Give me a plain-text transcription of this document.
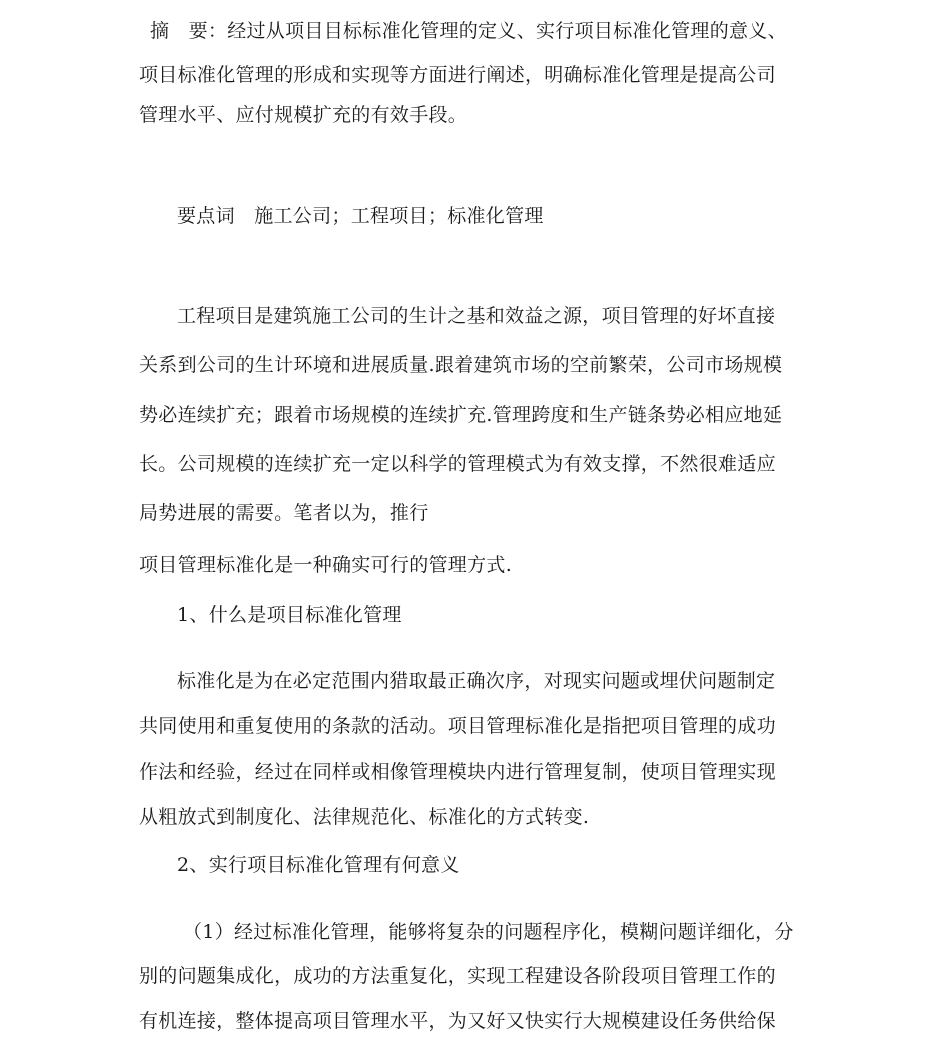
摘　要：经过从项目目标标准化管理的定义、实行项目标准化管理的意义、
项目标准化管理的形成和实现等方面进行阐述，明确标准化管理是提高公司
管理水平、应付规模扩充的有效手段。
要点词　施工公司；工程项目；标准化管理
工程项目是建筑施工公司的生计之基和效益之源，项目管理的好坏直接
关系到公司的生计环境和进展质量.跟着建筑市场的空前繁荣，公司市场规模
势必连续扩充；跟着市场规模的连续扩充.管理跨度和生产链条势必相应地延
长。公司规模的连续扩充一定以科学的管理模式为有效支撑，不然很难适应
局势进展的需要。笔者以为，推行
项目管理标准化是一种确实可行的管理方式.
1、什么是项目标准化管理
标准化是为在必定范围内猎取最正确次序，对现实问题或埋伏问题制定
共同使用和重复使用的条款的活动。项目管理标准化是指把项目管理的成功
作法和经验，经过在同样或相像管理模块内进行管理复制，使项目管理实现
从粗放式到制度化、法律规范化、标准化的方式转变.
2、实行项目标准化管理有何意义
（1）经过标准化管理，能够将复杂的问题程序化，模糊问题详细化，分
别的问题集成化，成功的方法重复化，实现工程建设各阶段项目管理工作的
有机连接，整体提高项目管理水平，为又好又快实行大规模建设任务供给保
